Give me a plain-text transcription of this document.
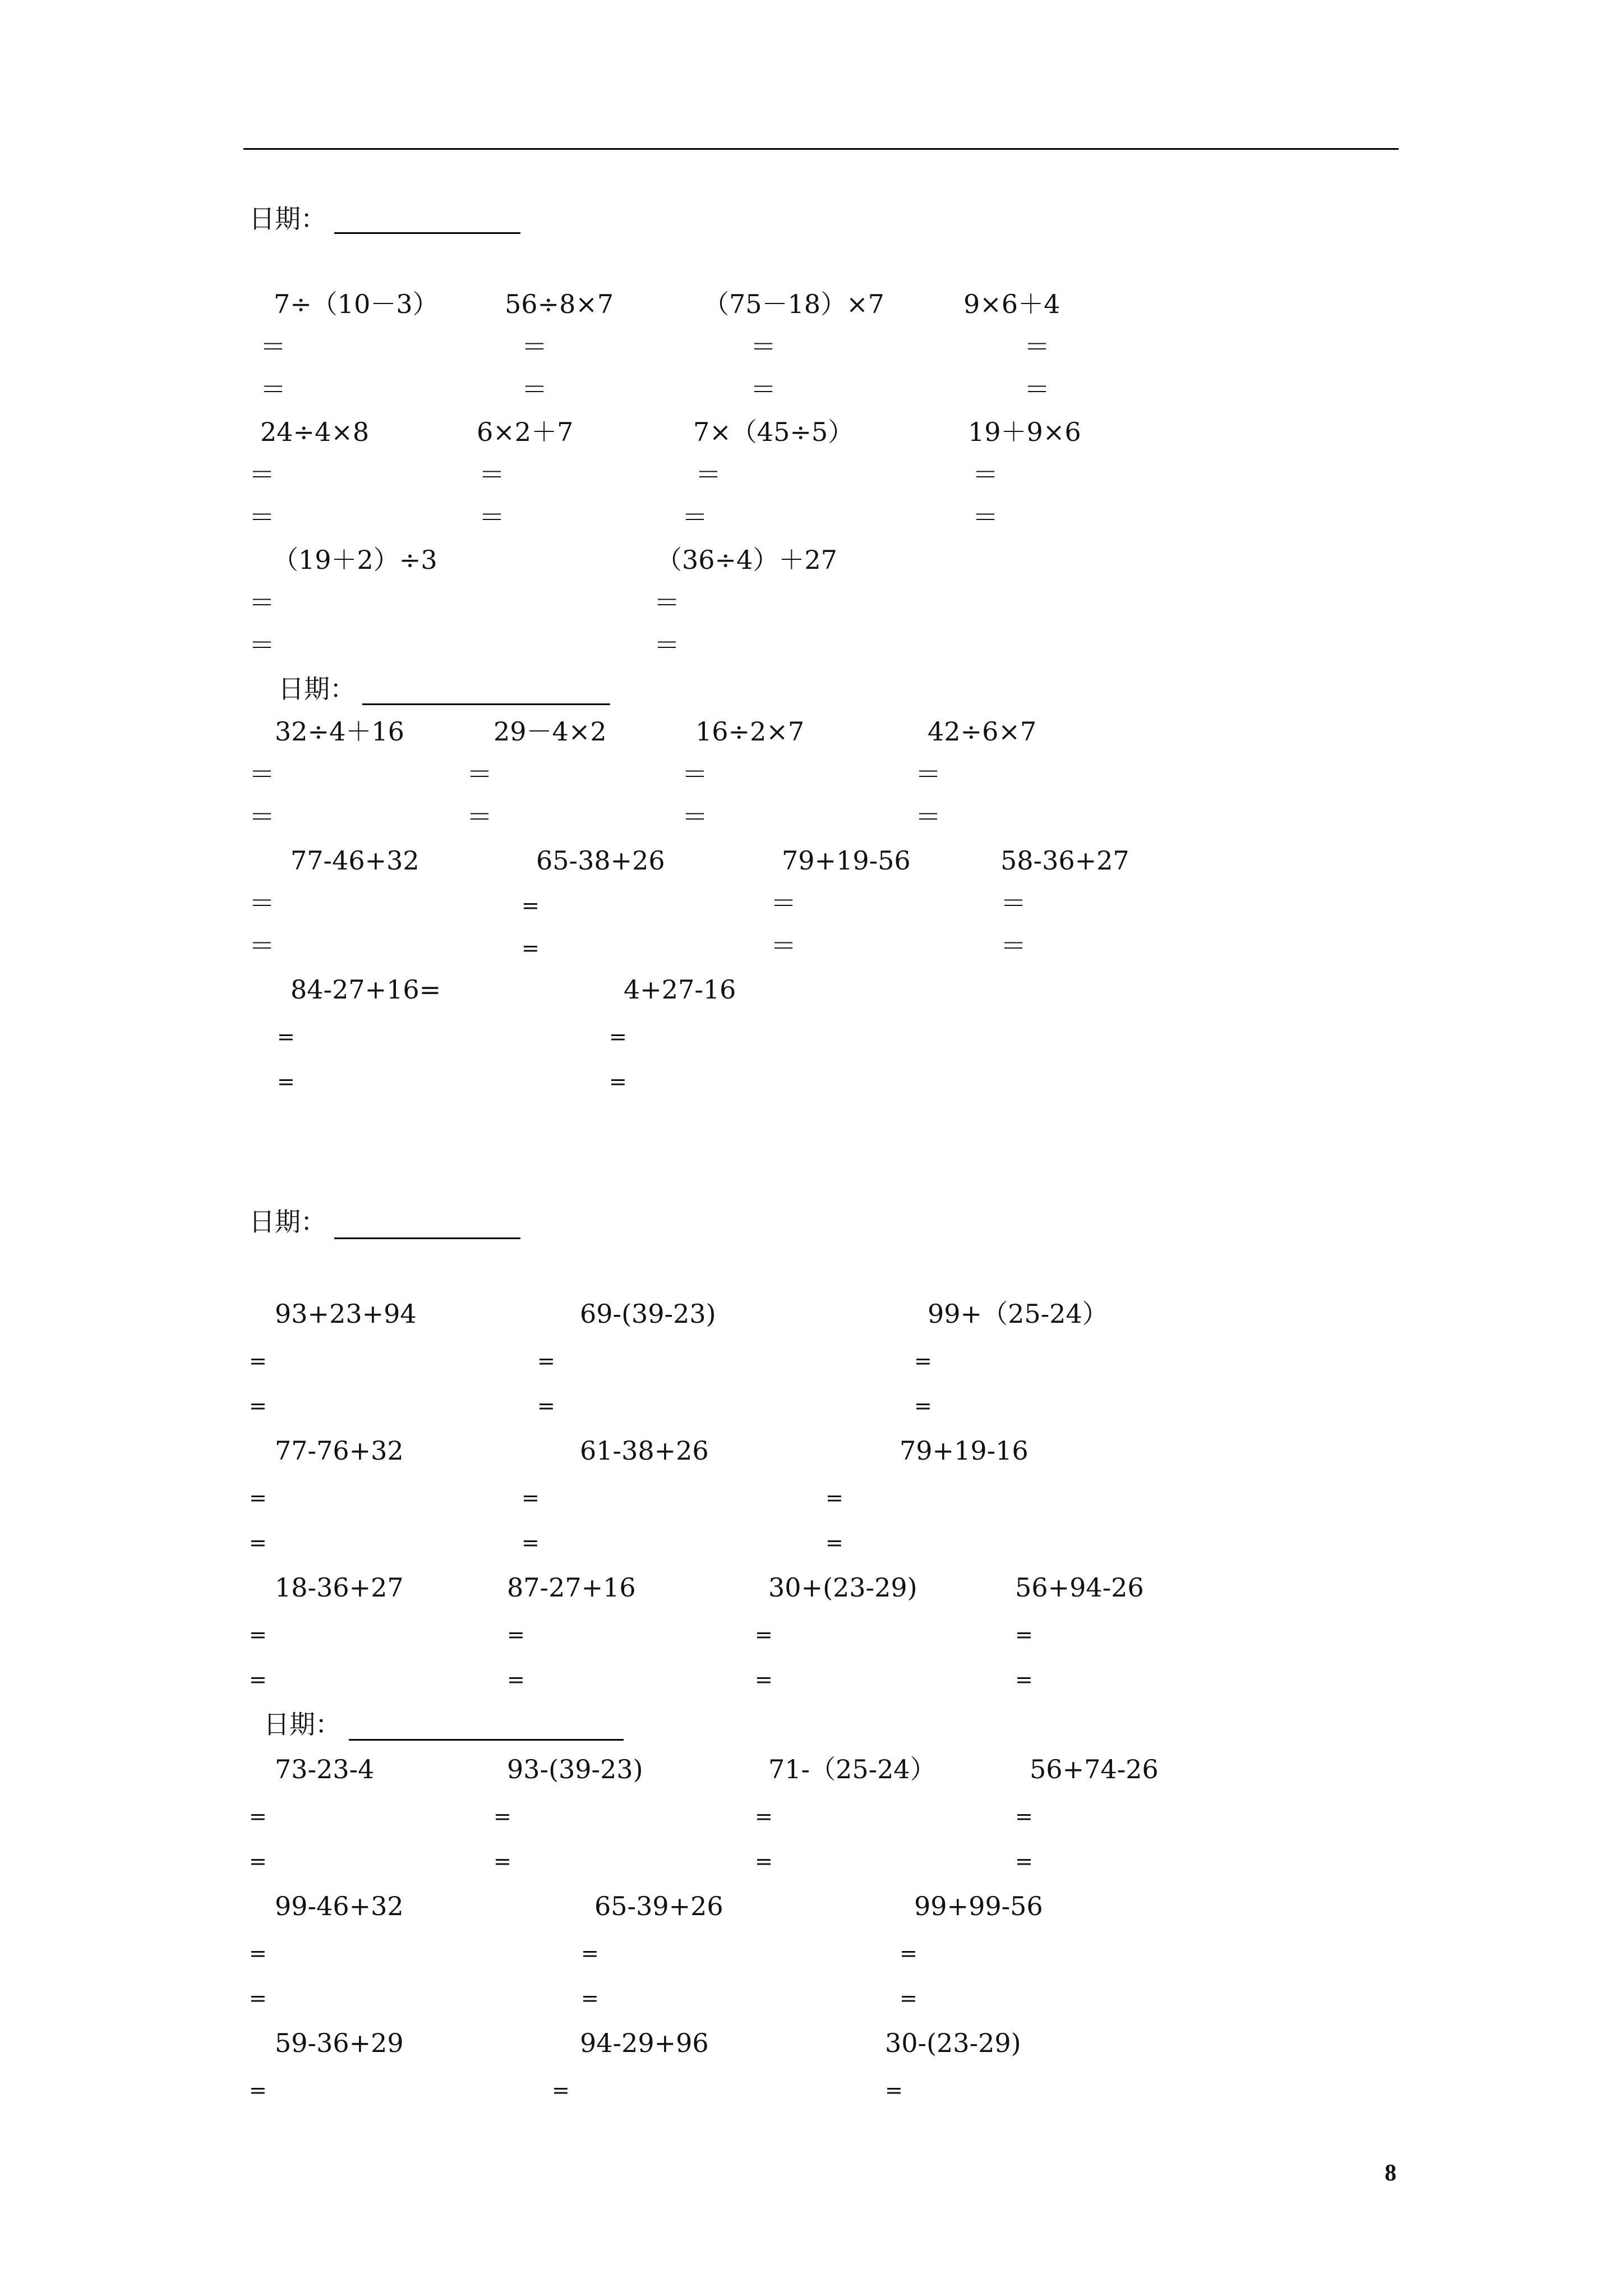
日期：
7÷（10－3）	56÷8×7	（75－18）×7	9×6＋4
＝	＝	＝	＝
＝	＝	＝	＝
24÷4×8	6×2＋7	7×（45÷5）	19＋9×6
＝	＝	＝	＝
＝	＝	＝	＝
（19＋2）÷3	（36÷4）＋27
＝	＝
＝	＝
日期：
32÷4＋16	29－4×2	16÷2×7	42÷6×7
＝	＝	＝	＝
＝	＝	＝	＝
77-46+32	65-38+26	79+19-56	58-36+27
＝	=	＝	＝
＝	=	＝	＝
84-27+16=	4+27-16
=	=
=	=
日期：
93+23+94	69-(39-23)	99+（25-24）
=	=	=
=	=	=
77-76+32	61-38+26	79+19-16
=	=	=
=	=	=
18-36+27	87-27+16	30+(23-29)	56+94-26
=	=	=	=
=	=	=	=
日期：
73-23-4	93-(39-23)	71-（25-24）	56+74-26
=	=	=	=
=	=	=	=
99-46+32	65-39+26	99+99-56
=	=	=
=	=	=
59-36+29	94-29+96	30-(23-29)
=	=	=
8
